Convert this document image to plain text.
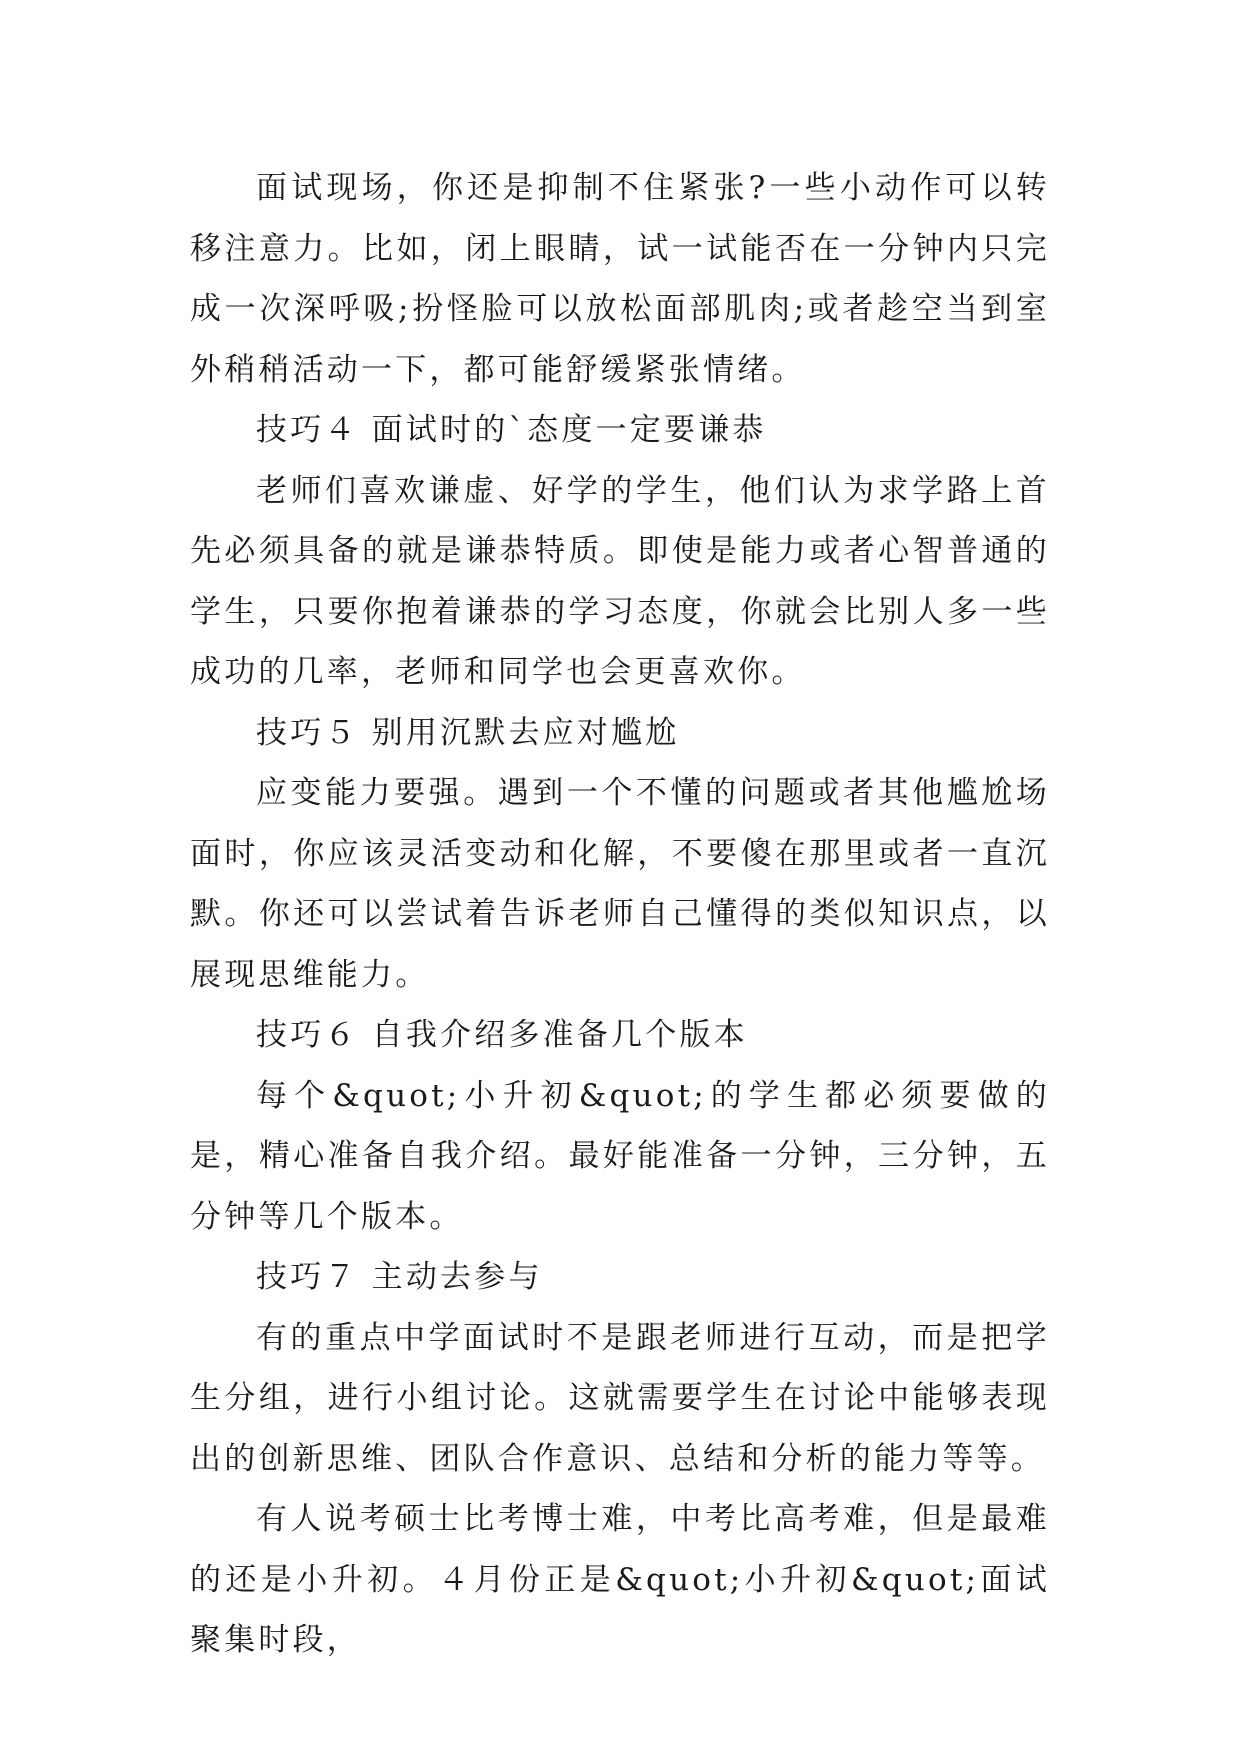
面试现场，你还是抑制不住紧张?一些小动作可以转移注意力。比如，闭上眼睛，试一试能否在一分钟内只完成一次深呼吸;扮怪脸可以放松面部肌肉;或者趁空当到室外稍稍活动一下，都可能舒缓紧张情绪。

技巧４ 面试时的`态度一定要谦恭

老师们喜欢谦虚、好学的学生，他们认为求学路上首先必须具备的就是谦恭特质。即使是能力或者心智普通的学生，只要你抱着谦恭的学习态度，你就会比别人多一些成功的几率，老师和同学也会更喜欢你。

技巧５ 别用沉默去应对尴尬

应变能力要强。遇到一个不懂的问题或者其他尴尬场面时，你应该灵活变动和化解，不要傻在那里或者一直沉默。你还可以尝试着告诉老师自己懂得的类似知识点，以展现思维能力。

技巧６ 自我介绍多准备几个版本

每个&quot;小升初&quot;的学生都必须要做的是，精心准备自我介绍。最好能准备一分钟，三分钟，五分钟等几个版本。

技巧７ 主动去参与

有的重点中学面试时不是跟老师进行互动，而是把学生分组，进行小组讨论。这就需要学生在讨论中能够表现出的创新思维、团队合作意识、总结和分析的能力等等。

有人说考硕士比考博士难，中考比高考难，但是最难的还是小升初。４月份正是&quot;小升初&quot;面试聚集时段，
